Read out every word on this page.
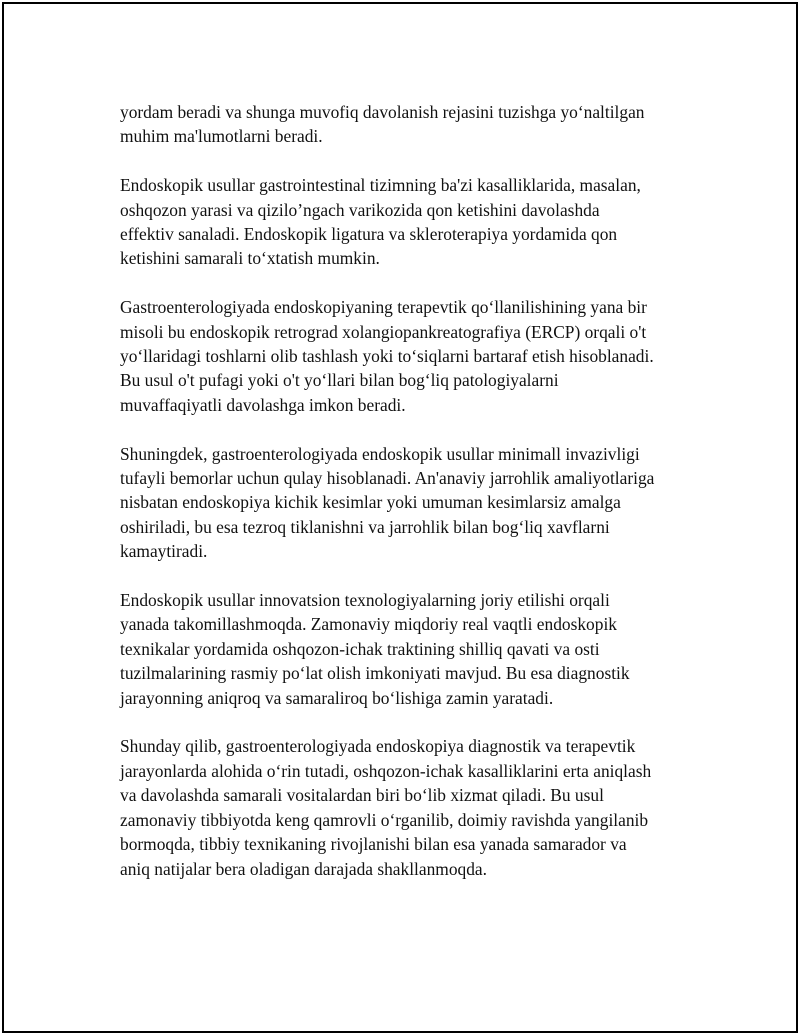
yordam beradi va shunga muvofiq davolanish rejasini tuzishga yo‘naltilgan
muhim ma'lumotlarni beradi.

Endoskopik usullar gastrointestinal tizimning ba'zi kasalliklarida, masalan,
oshqozon yarasi va qizilo’ngach varikozida qon ketishini davolashda
effektiv sanaladi. Endoskopik ligatura va skleroterapiya yordamida qon
ketishini samarali to‘xtatish mumkin.

Gastroenterologiyada endoskopiyaning terapevtik qo‘llanilishining yana bir
misoli bu endoskopik retrograd xolangiopankreatografiya (ERCP) orqali o't
yo‘llaridagi toshlarni olib tashlash yoki to‘siqlarni bartaraf etish hisoblanadi.
Bu usul o't pufagi yoki o't yo‘llari bilan bog‘liq patologiyalarni
muvaffaqiyatli davolashga imkon beradi.

Shuningdek, gastroenterologiyada endoskopik usullar minimall invazivligi
tufayli bemorlar uchun qulay hisoblanadi. An'anaviy jarrohlik amaliyotlariga
nisbatan endoskopiya kichik kesimlar yoki umuman kesimlarsiz amalga
oshiriladi, bu esa tezroq tiklanishni va jarrohlik bilan bog‘liq xavflarni
kamaytiradi.

Endoskopik usullar innovatsion texnologiyalarning joriy etilishi orqali
yanada takomillashmoqda. Zamonaviy miqdoriy real vaqtli endoskopik
texnikalar yordamida oshqozon-ichak traktining shilliq qavati va osti
tuzilmalarining rasmiy po‘lat olish imkoniyati mavjud. Bu esa diagnostik
jarayonning aniqroq va samaraliroq bo‘lishiga zamin yaratadi.

Shunday qilib, gastroenterologiyada endoskopiya diagnostik va terapevtik
jarayonlarda alohida o‘rin tutadi, oshqozon-ichak kasalliklarini erta aniqlash
va davolashda samarali vositalardan biri bo‘lib xizmat qiladi. Bu usul
zamonaviy tibbiyotda keng qamrovli o‘rganilib, doimiy ravishda yangilanib
bormoqda, tibbiy texnikaning rivojlanishi bilan esa yanada samarador va
aniq natijalar bera oladigan darajada shakllanmoqda.
